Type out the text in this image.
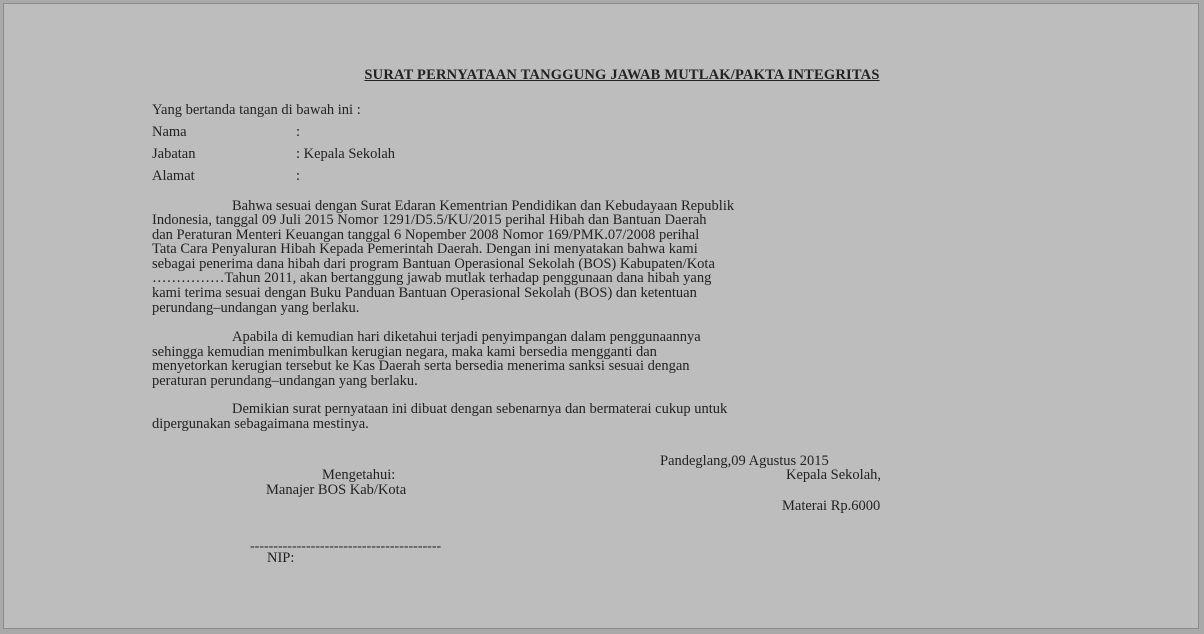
SURAT PERNYATAAN TANGGUNG JAWAB MUTLAK/PAKTA INTEGRITAS
Yang bertanda tangan di bawah ini :
Nama	:
Jabatan	: Kepala Sekolah
Alamat	:
Bahwa sesuai dengan Surat Edaran Kementrian Pendidikan dan Kebudayaan Republik
Indonesia, tanggal 09 Juli 2015 Nomor 1291/D5.5/KU/2015 perihal Hibah dan Bantuan Daerah
dan Peraturan Menteri Keuangan tanggal 6 Nopember 2008 Nomor 169/PMK.07/2008 perihal
Tata Cara Penyaluran Hibah Kepada Pemerintah Daerah. Dengan ini menyatakan bahwa kami
sebagai penerima dana hibah dari program Bantuan Operasional Sekolah (BOS) Kabupaten/Kota
……………Tahun 2011, akan bertanggung jawab mutlak terhadap penggunaan dana hibah yang
kami terima sesuai dengan Buku Panduan Bantuan Operasional Sekolah (BOS) dan ketentuan
perundang–undangan yang berlaku.
Apabila di kemudian hari diketahui terjadi penyimpangan dalam penggunaannya
sehingga kemudian menimbulkan kerugian negara, maka kami bersedia mengganti dan
menyetorkan kerugian tersebut ke Kas Daerah serta bersedia menerima sanksi sesuai dengan
peraturan perundang–undangan yang berlaku.
Demikian surat pernyataan ini dibuat dengan sebenarnya dan bermaterai cukup untuk
dipergunakan sebagaimana mestinya.
Pandeglang,09 Agustus 2015
Kepala Sekolah,
Mengetahui:
Manajer BOS Kab/Kota
Materai Rp.6000
-----------------------------------------
NIP:
